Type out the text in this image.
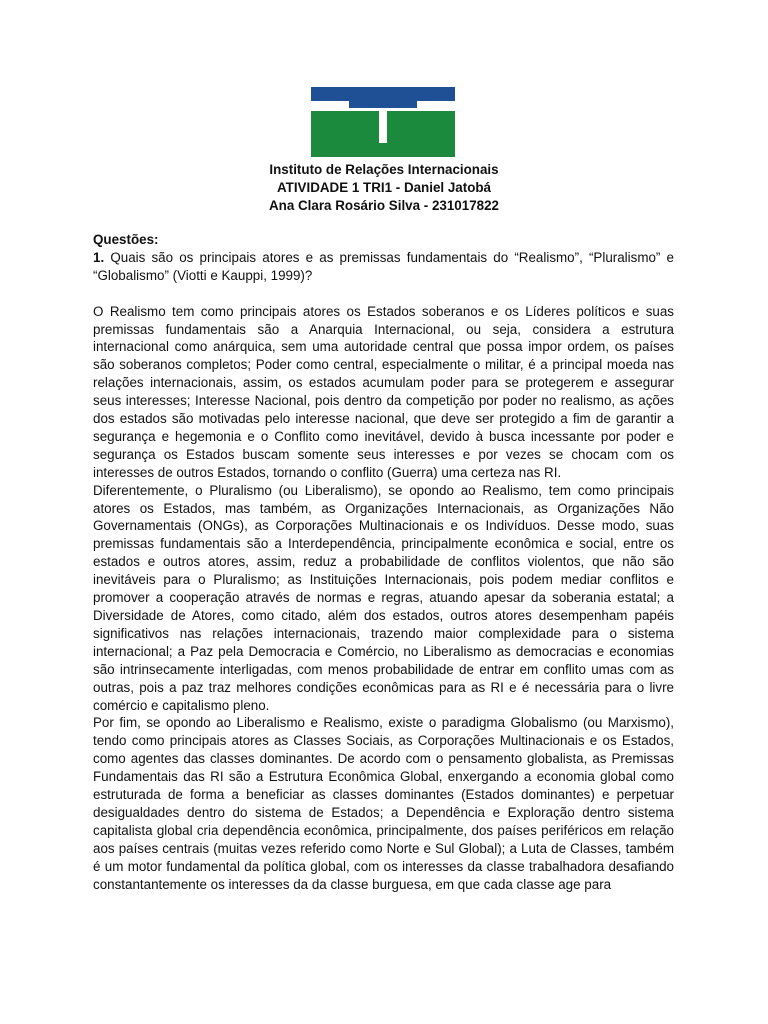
Instituto de Relações Internacionais
ATIVIDADE 1 TRI1 - Daniel Jatobá
Ana Clara Rosário Silva - 231017822

Questões:

1. Quais são os principais atores e as premissas fundamentais do “Realismo”, “Pluralismo” e “Globalismo” (Viotti e Kauppi, 1999)?

O Realismo tem como principais atores os Estados soberanos e os Líderes políticos e suas premissas fundamentais são a Anarquia Internacional, ou seja, considera a estrutura internacional como anárquica, sem uma autoridade central que possa impor ordem, os países são soberanos completos; Poder como central, especialmente o militar, é a principal moeda nas relações internacionais, assim, os estados acumulam poder para se protegerem e assegurar seus interesses; Interesse Nacional, pois dentro da competição por poder no realismo, as ações dos estados são motivadas pelo interesse nacional, que deve ser protegido a fim de garantir a segurança e hegemonia e o Conflito como inevitável, devido à busca incessante por poder e segurança os Estados buscam somente seus interesses e por vezes se chocam com os interesses de outros Estados, tornando o conflito (Guerra) uma certeza nas RI.

Diferentemente, o Pluralismo (ou Liberalismo), se opondo ao Realismo, tem como principais atores os Estados, mas também, as Organizações Internacionais, as Organizações Não Governamentais (ONGs), as Corporações Multinacionais e os Indivíduos. Desse modo, suas premissas fundamentais são a Interdependência, principalmente econômica e social, entre os estados e outros atores, assim, reduz a probabilidade de conflitos violentos, que não são inevitáveis para o Pluralismo; as Instituições Internacionais, pois podem mediar conflitos e promover a cooperação através de normas e regras, atuando apesar da soberania estatal; a Diversidade de Atores, como citado, além dos estados, outros atores desempenham papéis significativos nas relações internacionais, trazendo maior complexidade para o sistema internacional; a Paz pela Democracia e Comércio, no Liberalismo as democracias e economias são intrinsecamente interligadas, com menos probabilidade de entrar em conflito umas com as outras, pois a paz traz melhores condições econômicas para as RI e é necessária para o livre comércio e capitalismo pleno.

Por fim, se opondo ao Liberalismo e Realismo, existe o paradigma Globalismo (ou Marxismo), tendo como principais atores as Classes Sociais, as Corporações Multinacionais e os Estados, como agentes das classes dominantes. De acordo com o pensamento globalista, as Premissas Fundamentais das RI são a Estrutura Econômica Global, enxergando a economia global como estruturada de forma a beneficiar as classes dominantes (Estados dominantes) e perpetuar desigualdades dentro do sistema de Estados; a Dependência e Exploração dentro sistema capitalista global cria dependência econômica, principalmente, dos países periféricos em relação aos países centrais (muitas vezes referido como Norte e Sul Global); a Luta de Classes, também é um motor fundamental da política global, com os interesses da classe trabalhadora desafiando constantantemente os interesses da da classe burguesa, em que cada classe age para
